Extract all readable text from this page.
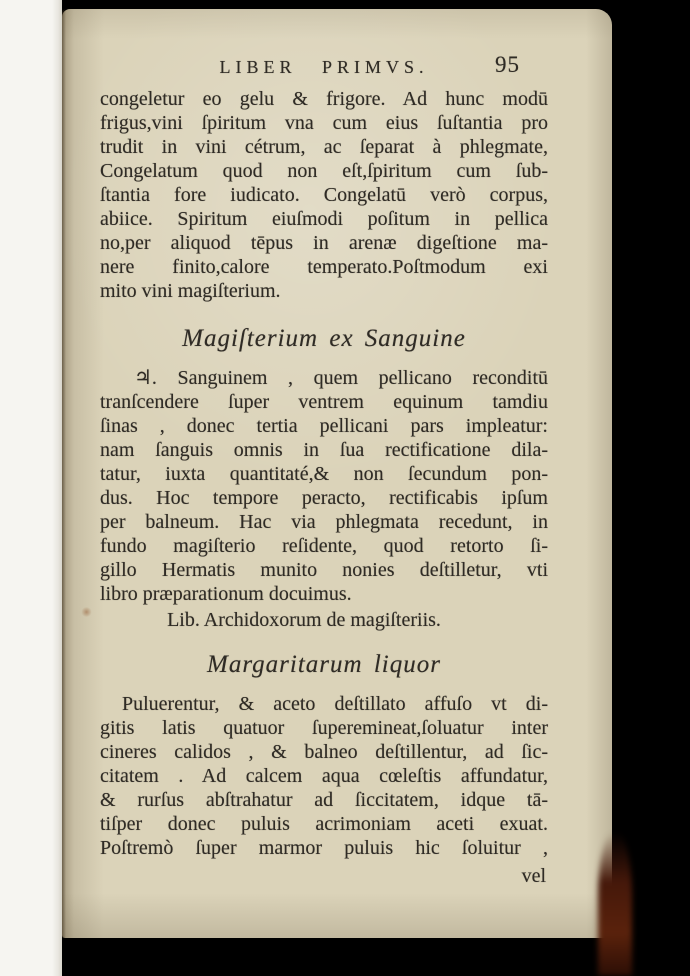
LIBER PRIMVS.	95
congeletur eo gelu & frigore. Ad hunc modū
frigus,vini ſpiritum vna cum eius ſuſtantia pro
trudit in vini cétrum, ac ſeparat à phlegmate,
Congelatum quod non eſt,ſpiritum cum ſub-
ſtantia fore iudicato. Congelatū verò corpus,
abiice. Spiritum eiuſmodi poſitum in pellica
no,per aliquod tēpus in arenæ digeſtione ma-
nere finito,calore temperato.Poſtmodum exi
mito vini magiſterium.
Magiſterium ex Sanguine
♃. Sanguinem , quem pellicano reconditū
tranſcendere ſuper ventrem equinum tamdiu
ſinas , donec tertia pellicani pars impleatur:
nam ſanguis omnis in ſua rectificatione dila-
tatur, iuxta quantitaté,& non ſecundum pon-
dus. Hoc tempore peracto, rectificabis ipſum
per balneum. Hac via phlegmata recedunt, in
fundo magiſterio reſidente, quod retorto ſi-
gillo Hermatis munito nonies deſtilletur, vti
libro præparationum docuimus.
Lib. Archidoxorum de magiſteriis.
Margaritarum liquor
Puluerentur, & aceto deſtillato affuſo vt di-
gitis latis quatuor ſuperemineat,ſoluatur inter
cineres calidos , & balneo deſtillentur, ad ſic-
citatem . Ad calcem aqua cœleſtis affundatur,
& rurſus abſtrahatur ad ſiccitatem, idque tā-
tiſper donec puluis acrimoniam aceti exuat.
Poſtremò ſuper marmor puluis hic ſoluitur ,
vel
